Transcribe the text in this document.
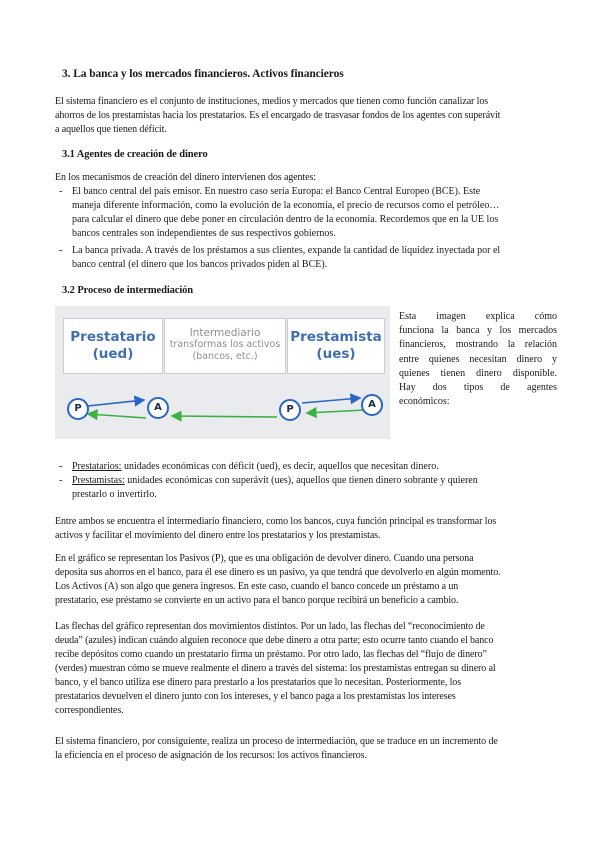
3. La banca y los mercados financieros. Activos financieros
El sistema financiero es el conjunto de instituciones, medios y mercados que tienen como función canalizar los
ahorros de los prestamistas hacia los prestatarios. Es el encargado de trasvasar fondos de los agentes con superávit
a aquellos que tienen déficit.
3.1 Agentes de creación de dinero
En los mecanismos de creación del dinero intervienen dos agentes:
- El banco central del país emisor. En nuestro caso sería Europa: el Banco Central Europeo (BCE). Este
maneja diferente información, como la evolución de la economía, el precio de recursos como el petróleo…
para calcular el dinero que debe poner en circulación dentro de la economía. Recordemos que en la UE los
bancos centrales son independientes de sus respectivos gobiernos.
- La banca privada. A través de los préstamos a sus clientes, expande la cantidad de liquidez inyectada por el
banco central (el dinero que los bancos privados piden al BCE).
3.2 Proceso de intermediación
Prestatario
(ued)
Intermediario
transformas los activos
(bancos, etc.)
Prestamista
(ues)
P	A	P	A
Esta imagen explica cómo
funciona la banca y los mercados
financieros, mostrando la relación
entre quienes necesitan dinero y
quienes tienen dinero disponible.
Hay dos tipos de agentes
económicos:
- Prestatarios: unidades económicas con déficit (ued), es decir, aquellos que necesitan dinero.
- Prestamistas: unidades económicas con superávit (ues), aquellos que tienen dinero sobrante y quieren
prestarlo o invertirlo.
Entre ambos se encuentra el intermediario financiero, como los bancos, cuya función principal es transformar los
activos y facilitar el movimiento del dinero entre los prestatarios y los prestamistas.
En el gráfico se representan los Pasivos (P), que es una obligación de devolver dinero. Cuando una persona
deposita sus ahorros en el banco, para él ese dinero es un pasivo, ya que tendrá que devolverlo en algún momento.
Los Activos (A) son algo que genera ingresos. En este caso, cuando el banco concede un préstamo a un
prestatario, ese préstamo se convierte en un activo para el banco porque recibirá un beneficio a cambio.
Las flechas del gráfico representan dos movimientos distintos. Por un lado, las flechas del “reconocimiento de
deuda” (azules) indican cuándo alguien reconoce que debe dinero a otra parte; esto ocurre tanto cuando el banco
recibe depósitos como cuando un prestatario firma un préstamo. Por otro lado, las flechas del “flujo de dinero”
(verdes) muestran cómo se mueve realmente el dinero a través del sistema: los prestamistas entregan su dinero al
banco, y el banco utiliza ese dinero para prestarlo a los prestatarios que lo necesitan. Posteriormente, los
prestatarios devuelven el dinero junto con los intereses, y el banco paga a los prestamistas los intereses
correspondientes.
El sistema financiero, por consiguiente, realiza un proceso de intermediación, que se traduce en un incremento de
la eficiencia en el proceso de asignación de los recursos: los activos financieros.
